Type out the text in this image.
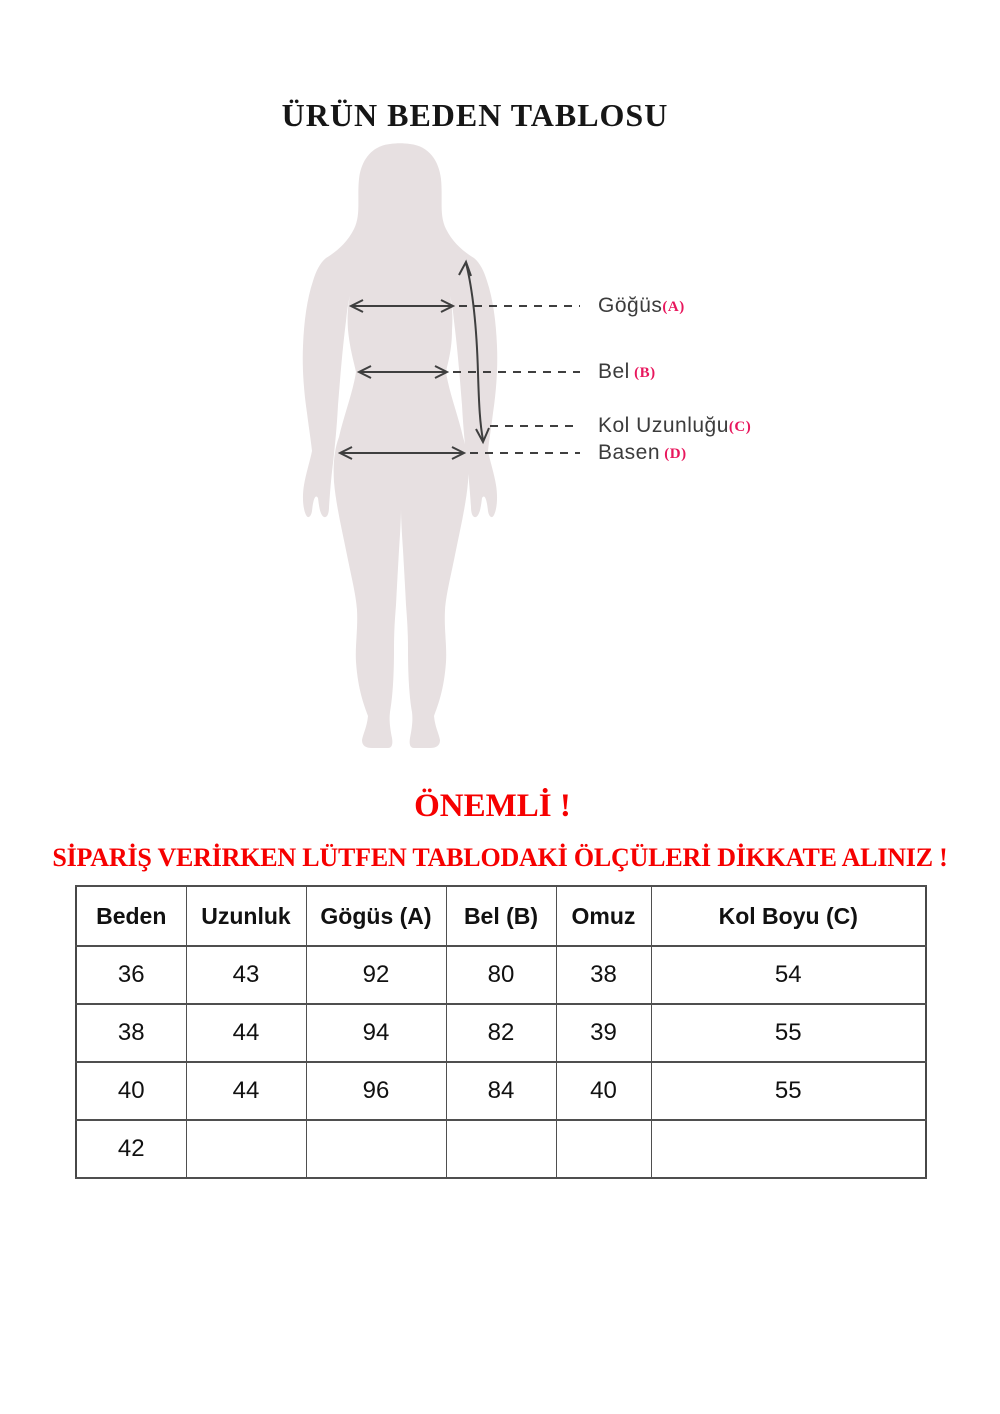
ÜRÜN BEDEN TABLOSU
Göğüs(A)
Bel (B)
Kol Uzunluğu(C)
Basen (D)
ÖNEMLİ !
SİPARİŞ VERİRKEN LÜTFEN TABLODAKİ ÖLÇÜLERİ DİKKATE ALINIZ !
Beden	Uzunluk	Gögüs (A)	Bel (B)	Omuz	Kol Boyu (C)
36	43	92	80	38	54
38	44	94	82	39	55
40	44	96	84	40	55
42					
